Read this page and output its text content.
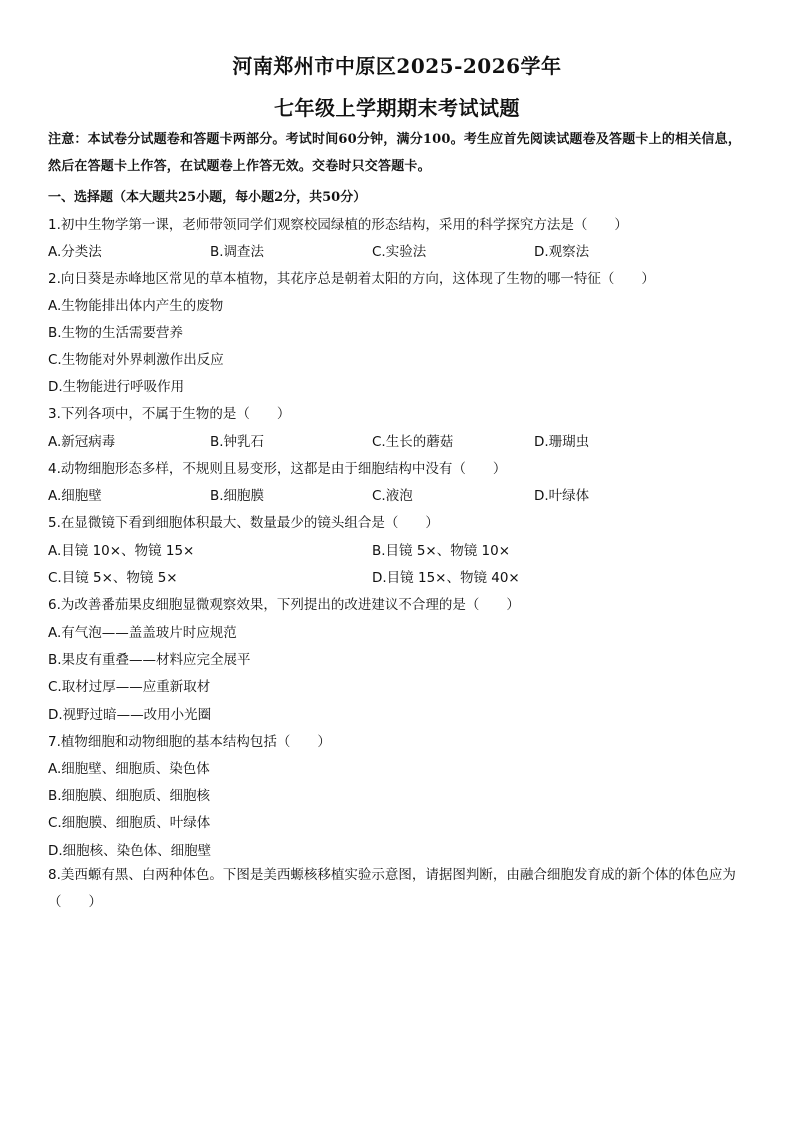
河南郑州市中原区2025-2026学年
七年级上学期期末考试试题
注意：本试卷分试题卷和答题卡两部分。考试时间60分钟，满分100。考生应首先阅读试题卷及答题卡上的相关信息，然后在答题卡上作答，在试题卷上作答无效。交卷时只交答题卡。
一、选择题（本大题共25小题，每小题2分，共50分）
1.初中生物学第一课，老师带领同学们观察校园绿植的形态结构，采用的科学探究方法是（　　）
A.分类法	B.调查法	C.实验法	D.观察法
2.向日葵是赤峰地区常见的草本植物，其花序总是朝着太阳的方向，这体现了生物的哪一特征（　　）
A.生物能排出体内产生的废物
B.生物的生活需要营养
C.生物能对外界刺激作出反应
D.生物能进行呼吸作用
3.下列各项中，不属于生物的是（　　）
A.新冠病毒	B.钟乳石	C.生长的蘑菇	D.珊瑚虫
4.动物细胞形态多样，不规则且易变形，这都是由于细胞结构中没有（　　）
A.细胞壁	B.细胞膜	C.液泡	D.叶绿体
5.在显微镜下看到细胞体积最大、数量最少的镜头组合是（　　）
A.目镜 10×、物镜 15×	B.目镜 5×、物镜 10×
C.目镜 5×、物镜 5×	D.目镜 15×、物镜 40×
6.为改善番茄果皮细胞显微观察效果，下列提出的改进建议不合理的是（　　）
A.有气泡——盖盖玻片时应规范
B.果皮有重叠——材料应完全展平
C.取材过厚——应重新取材
D.视野过暗——改用小光圈
7.植物细胞和动物细胞的基本结构包括（　　）
A.细胞壁、细胞质、染色体
B.细胞膜、细胞质、细胞核
C.细胞膜、细胞质、叶绿体
D.细胞核、染色体、细胞壁
8.美西螈有黑、白两种体色。下图是美西螈核移植实验示意图，请据图判断，由融合细胞发育成的新个体的体色应为（　　）
